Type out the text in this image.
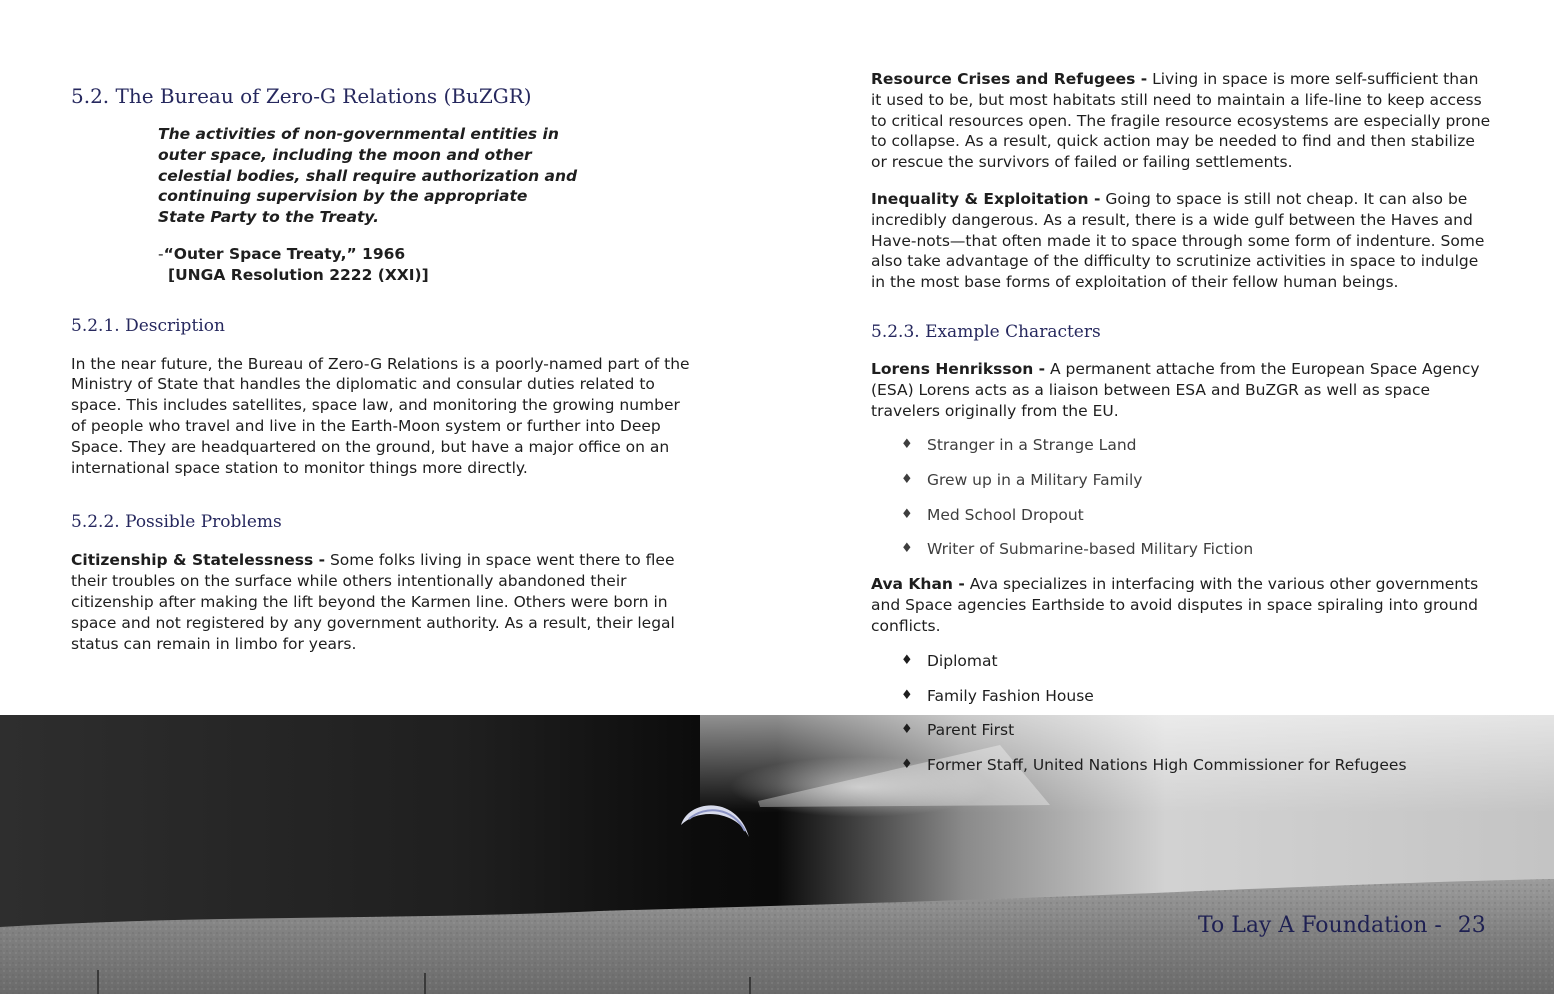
5.2. The Bureau of Zero-G Relations (BuZGR)

The activities of non-governmental entities in outer space, including the moon and other celestial bodies, shall require authorization and continuing supervision by the appropriate State Party to the Treaty.

-“Outer Space Treaty,” 1966
[UNGA Resolution 2222 (XXI)]

5.2.1. Description

In the near future, the Bureau of Zero-G Relations is a poorly-named part of the Ministry of State that handles the diplomatic and consular duties related to space. This includes satellites, space law, and monitoring the growing number of people who travel and live in the Earth-Moon system or further into Deep Space. They are headquartered on the ground, but have a major office on an international space station to monitor things more directly.

5.2.2. Possible Problems

Citizenship & Statelessness - Some folks living in space went there to flee their troubles on the surface while others intentionally abandoned their citizenship after making the lift beyond the Karmen line. Others were born in space and not registered by any government authority. As a result, their legal status can remain in limbo for years.

Resource Crises and Refugees - Living in space is more self-sufficient than it used to be, but most habitats still need to maintain a life-line to keep access to critical resources open. The fragile resource ecosystems are especially prone to collapse. As a result, quick action may be needed to find and then stabilize or rescue the survivors of failed or failing settlements.

Inequality & Exploitation - Going to space is still not cheap. It can also be incredibly dangerous. As a result, there is a wide gulf between the Haves and Have-nots—that often made it to space through some form of indenture. Some also take advantage of the difficulty to scrutinize activities in space to indulge in the most base forms of exploitation of their fellow human beings.

5.2.3. Example Characters

Lorens Henriksson - A permanent attache from the European Space Agency (ESA) Lorens acts as a liaison between ESA and BuZGR as well as space travelers originally from the EU.

♦ Stranger in a Strange Land
♦ Grew up in a Military Family
♦ Med School Dropout
♦ Writer of Submarine-based Military Fiction

Ava Khan - Ava specializes in interfacing with the various other governments and Space agencies Earthside to avoid disputes in space spiraling into ground conflicts.

♦ Diplomat
♦ Family Fashion House
♦ Parent First
♦ Former Staff, United Nations High Commissioner for Refugees
To Lay A Foundation - 23
